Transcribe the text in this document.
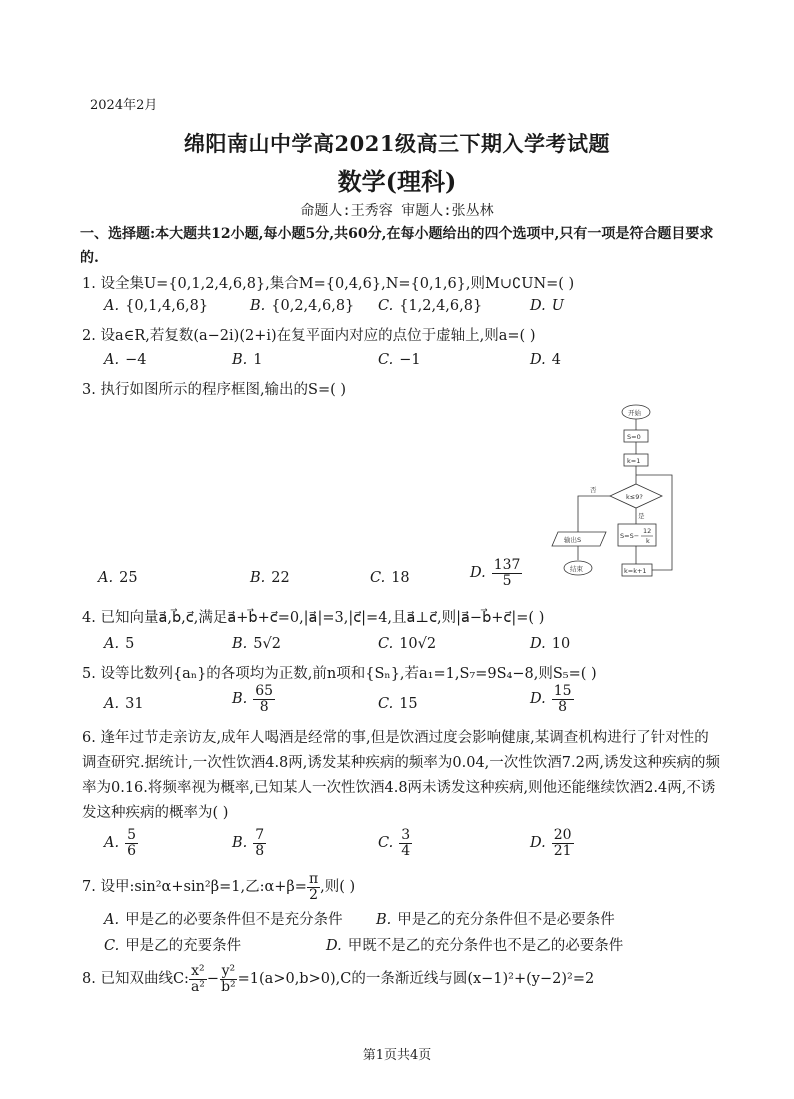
2024年2月
绵阳南山中学高2021级高三下期入学考试题
数学(理科)
命题人:王秀容 审题人:张丛林
一、选择题:本大题共12小题,每小题5分,共60分,在每小题给出的四个选项中,只有一项是符合题目要求的.
1. 设全集U={0,1,2,4,6,8},集合M={0,4,6},N={0,1,6},则M∪∁UN=( )
A. {0,1,4,6,8}	B. {0,2,4,6,8} C. {1,2,4,6,8}	D. U
2. 设a∈R,若复数(a−2i)(2+i)在复平面内对应的点位于虚轴上,则a=( )
A. −4	B. 1	C. −1	D. 4
3. 执行如图所示的程序框图,输出的S=( )
开始
S=0
k=1
k≤9?
否
是
S=S−
12
k
输出S
结束	k=k+1
A. 25	B. 22	C. 18	D. $\frac{137}{5}$
4. 已知向量a⃗,b⃗,c⃗,满足a⃗+b⃗+c⃗=0,|a⃗|=3,|c⃗|=4,且a⃗⊥c⃗,则|a⃗−b⃗+c⃗|=( )
A. 5	B. 5√2	C. 10√2	D. 10
5. 设等比数列{aₙ}的各项均为正数,前n项和{Sₙ},若a₁=1,S₇=9S₄−8,则S₅=( )
A. 31	B. $\frac{65}{8}$	C. 15	D. $\frac{15}{8}$
6. 逢年过节走亲访友,成年人喝酒是经常的事,但是饮酒过度会影响健康,某调查机构进行了针对性的调查研究.据统计,一次性饮酒4.8两,诱发某种疾病的频率为0.04,一次性饮酒7.2两,诱发这种疾病的频率为0.16.将频率视为概率,已知某人一次性饮酒4.8两未诱发这种疾病,则他还能继续饮酒2.4两,不诱发这种疾病的概率为( )
A. $\frac{5}{6}$	B. $\frac{7}{8}$	C. $\frac{3}{4}$	D. $\frac{20}{21}$
7. 设甲:sin²α+sin²β=1,乙:α+β= $\frac{\pi}{2}$ ,则( )
A. 甲是乙的必要条件但不是充分条件 B. 甲是乙的充分条件但不是必要条件
C. 甲是乙的充要条件	D. 甲既不是乙的充分条件也不是乙的必要条件
8. 已知双曲线C: $\frac{\text{x²}}{\text{a²}} - \frac{\text{y²}}{\text{b²}} =1(a>0,b>0),C$的一条渐近线与圆(x−1)²+(y−2)²=2
第1页共4页
